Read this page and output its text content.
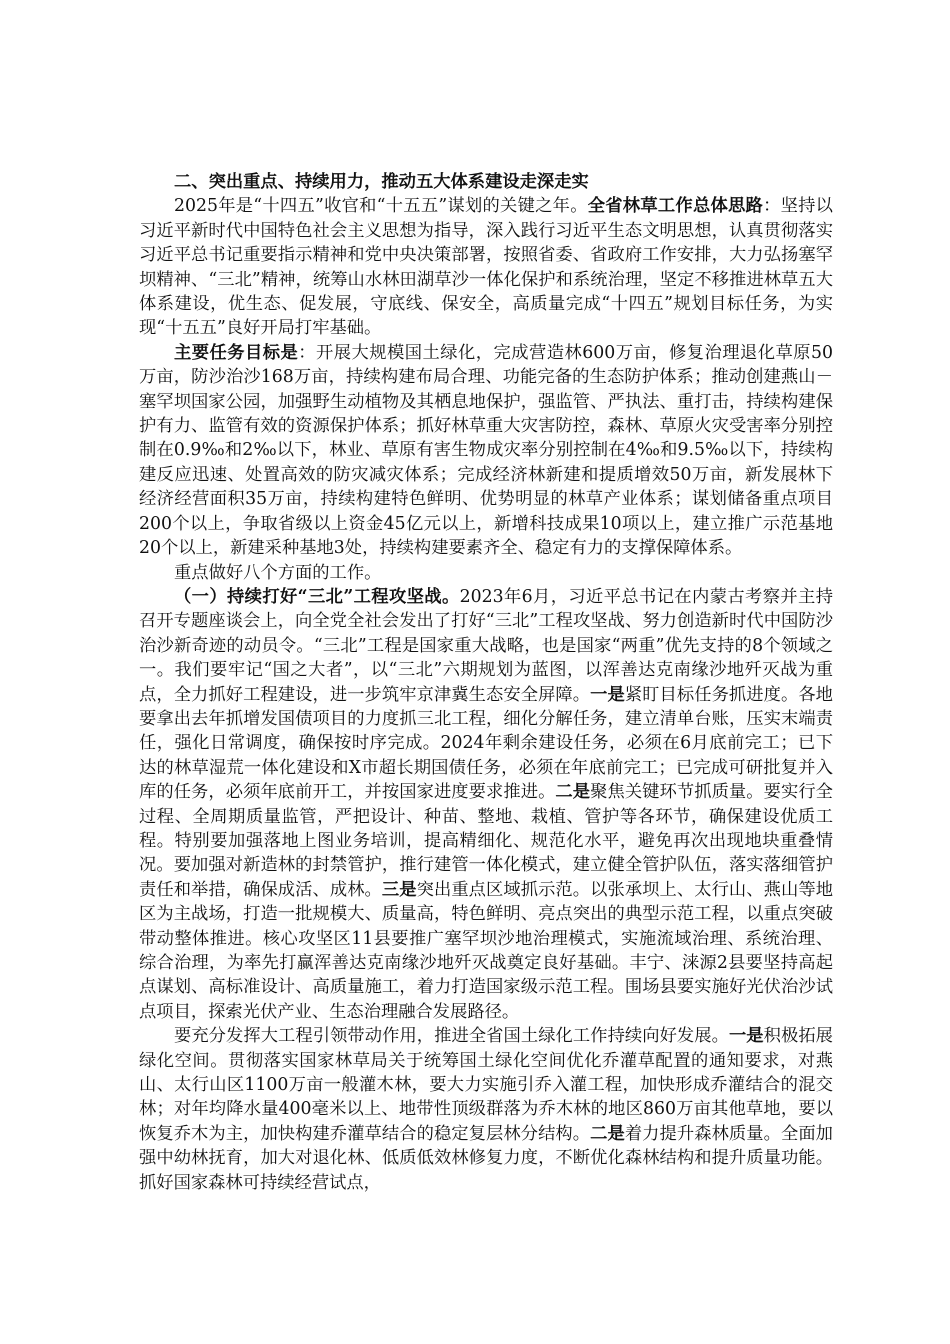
二、突出重点、持续用力，推动五大体系建设走深走实

2025年是“十四五”收官和“十五五”谋划的关键之年。全省林草工作总体思路：坚持以习近平新时代中国特色社会主义思想为指导，深入践行习近平生态文明思想，认真贯彻落实习近平总书记重要指示精神和党中央决策部署，按照省委、省政府工作安排，大力弘扬塞罕坝精神、“三北”精神，统筹山水林田湖草沙一体化保护和系统治理，坚定不移推进林草五大体系建设，优生态、促发展，守底线、保安全，高质量完成“十四五”规划目标任务，为实现“十五五”良好开局打牢基础。

主要任务目标是：开展大规模国土绿化，完成营造林600万亩，修复治理退化草原50万亩，防沙治沙168万亩，持续构建布局合理、功能完备的生态防护体系；推动创建燕山－塞罕坝国家公园，加强野生动植物及其栖息地保护，强监管、严执法、重打击，持续构建保护有力、监管有效的资源保护体系；抓好林草重大灾害防控，森林、草原火灾受害率分别控制在0.9‰和2‰以下，林业、草原有害生物成灾率分别控制在4‰和9.5‰以下，持续构建反应迅速、处置高效的防灾减灾体系；完成经济林新建和提质增效50万亩，新发展林下经济经营面积35万亩，持续构建特色鲜明、优势明显的林草产业体系；谋划储备重点项目200个以上，争取省级以上资金45亿元以上，新增科技成果10项以上，建立推广示范基地20个以上，新建采种基地3处，持续构建要素齐全、稳定有力的支撑保障体系。

重点做好八个方面的工作。

（一）持续打好“三北”工程攻坚战。2023年6月，习近平总书记在内蒙古考察并主持召开专题座谈会上，向全党全社会发出了打好“三北”工程攻坚战、努力创造新时代中国防沙治沙新奇迹的动员令。“三北”工程是国家重大战略，也是国家“两重”优先支持的8个领域之一。我们要牢记“国之大者”，以“三北”六期规划为蓝图，以浑善达克南缘沙地歼灭战为重点，全力抓好工程建设，进一步筑牢京津冀生态安全屏障。一是紧盯目标任务抓进度。各地要拿出去年抓增发国债项目的力度抓三北工程，细化分解任务，建立清单台账，压实末端责任，强化日常调度，确保按时序完成。2024年剩余建设任务，必须在6月底前完工；已下达的林草湿荒一体化建设和X市超长期国债任务，必须在年底前完工；已完成可研批复并入库的任务，必须年底前开工，并按国家进度要求推进。二是聚焦关键环节抓质量。要实行全过程、全周期质量监管，严把设计、种苗、整地、栽植、管护等各环节，确保建设优质工程。特别要加强落地上图业务培训，提高精细化、规范化水平，避免再次出现地块重叠情况。要加强对新造林的封禁管护，推行建管一体化模式，建立健全管护队伍，落实落细管护责任和举措，确保成活、成林。三是突出重点区域抓示范。以张承坝上、太行山、燕山等地区为主战场，打造一批规模大、质量高，特色鲜明、亮点突出的典型示范工程，以重点突破带动整体推进。核心攻坚区11县要推广塞罕坝沙地治理模式，实施流域治理、系统治理、综合治理，为率先打赢浑善达克南缘沙地歼灭战奠定良好基础。丰宁、涞源2县要坚持高起点谋划、高标准设计、高质量施工，着力打造国家级示范工程。围场县要实施好光伏治沙试点项目，探索光伏产业、生态治理融合发展路径。

要充分发挥大工程引领带动作用，推进全省国土绿化工作持续向好发展。一是积极拓展绿化空间。贯彻落实国家林草局关于统筹国土绿化空间优化乔灌草配置的通知要求，对燕山、太行山区1100万亩一般灌木林，要大力实施引乔入灌工程，加快形成乔灌结合的混交林；对年均降水量400毫米以上、地带性顶级群落为乔木林的地区860万亩其他草地，要以恢复乔木为主，加快构建乔灌草结合的稳定复层林分结构。二是着力提升森林质量。全面加强中幼林抚育，加大对退化林、低质低效林修复力度，不断优化森林结构和提升质量功能。抓好国家森林可持续经营试点，
